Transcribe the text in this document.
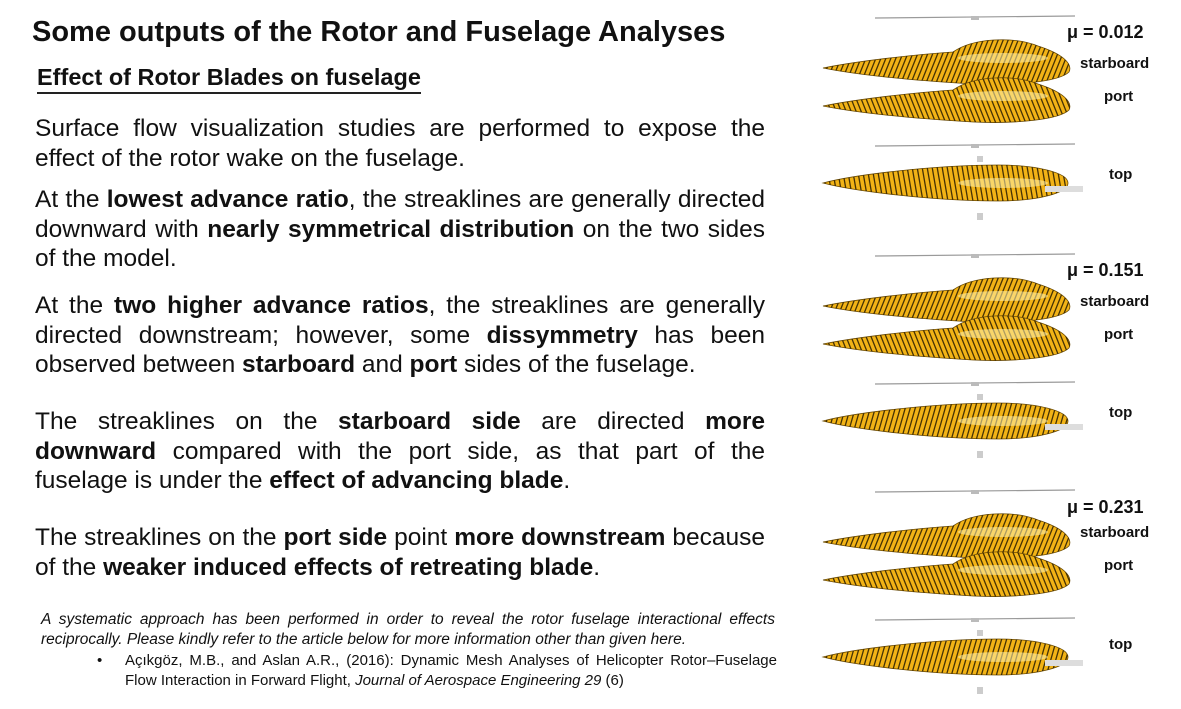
Some outputs of the Rotor and Fuselage Analyses
Effect of Rotor Blades on fuselage

Surface flow visualization studies are performed to expose the effect of the rotor wake on the fuselage.

At the lowest advance ratio, the streaklines are generally directed downward with nearly symmetrical distribution on the two sides of the model.

At the two higher advance ratios, the streaklines are generally directed downstream; however, some dissymmetry has been observed between starboard and port sides of the fuselage.

The streaklines on the starboard side are directed more downward compared with the port side, as that part of the fuselage is under the effect of advancing blade.

The streaklines on the port side point more downstream because of the weaker induced effects of retreating blade.

A systematic approach has been performed in order to reveal the rotor fuselage interactional effects reciprocally. Please kindly refer to the article below for more information other than given here.

• Açıkgöz, M.B., and Aslan A.R., (2016): Dynamic Mesh Analyses of Helicopter Rotor–Fuselage Flow Interaction in Forward Flight, Journal of Aerospace Engineering 29 (6)
μ = 0.012
starboard
port
top
μ = 0.151
starboard
port
top
μ = 0.231
starboard
port
top
